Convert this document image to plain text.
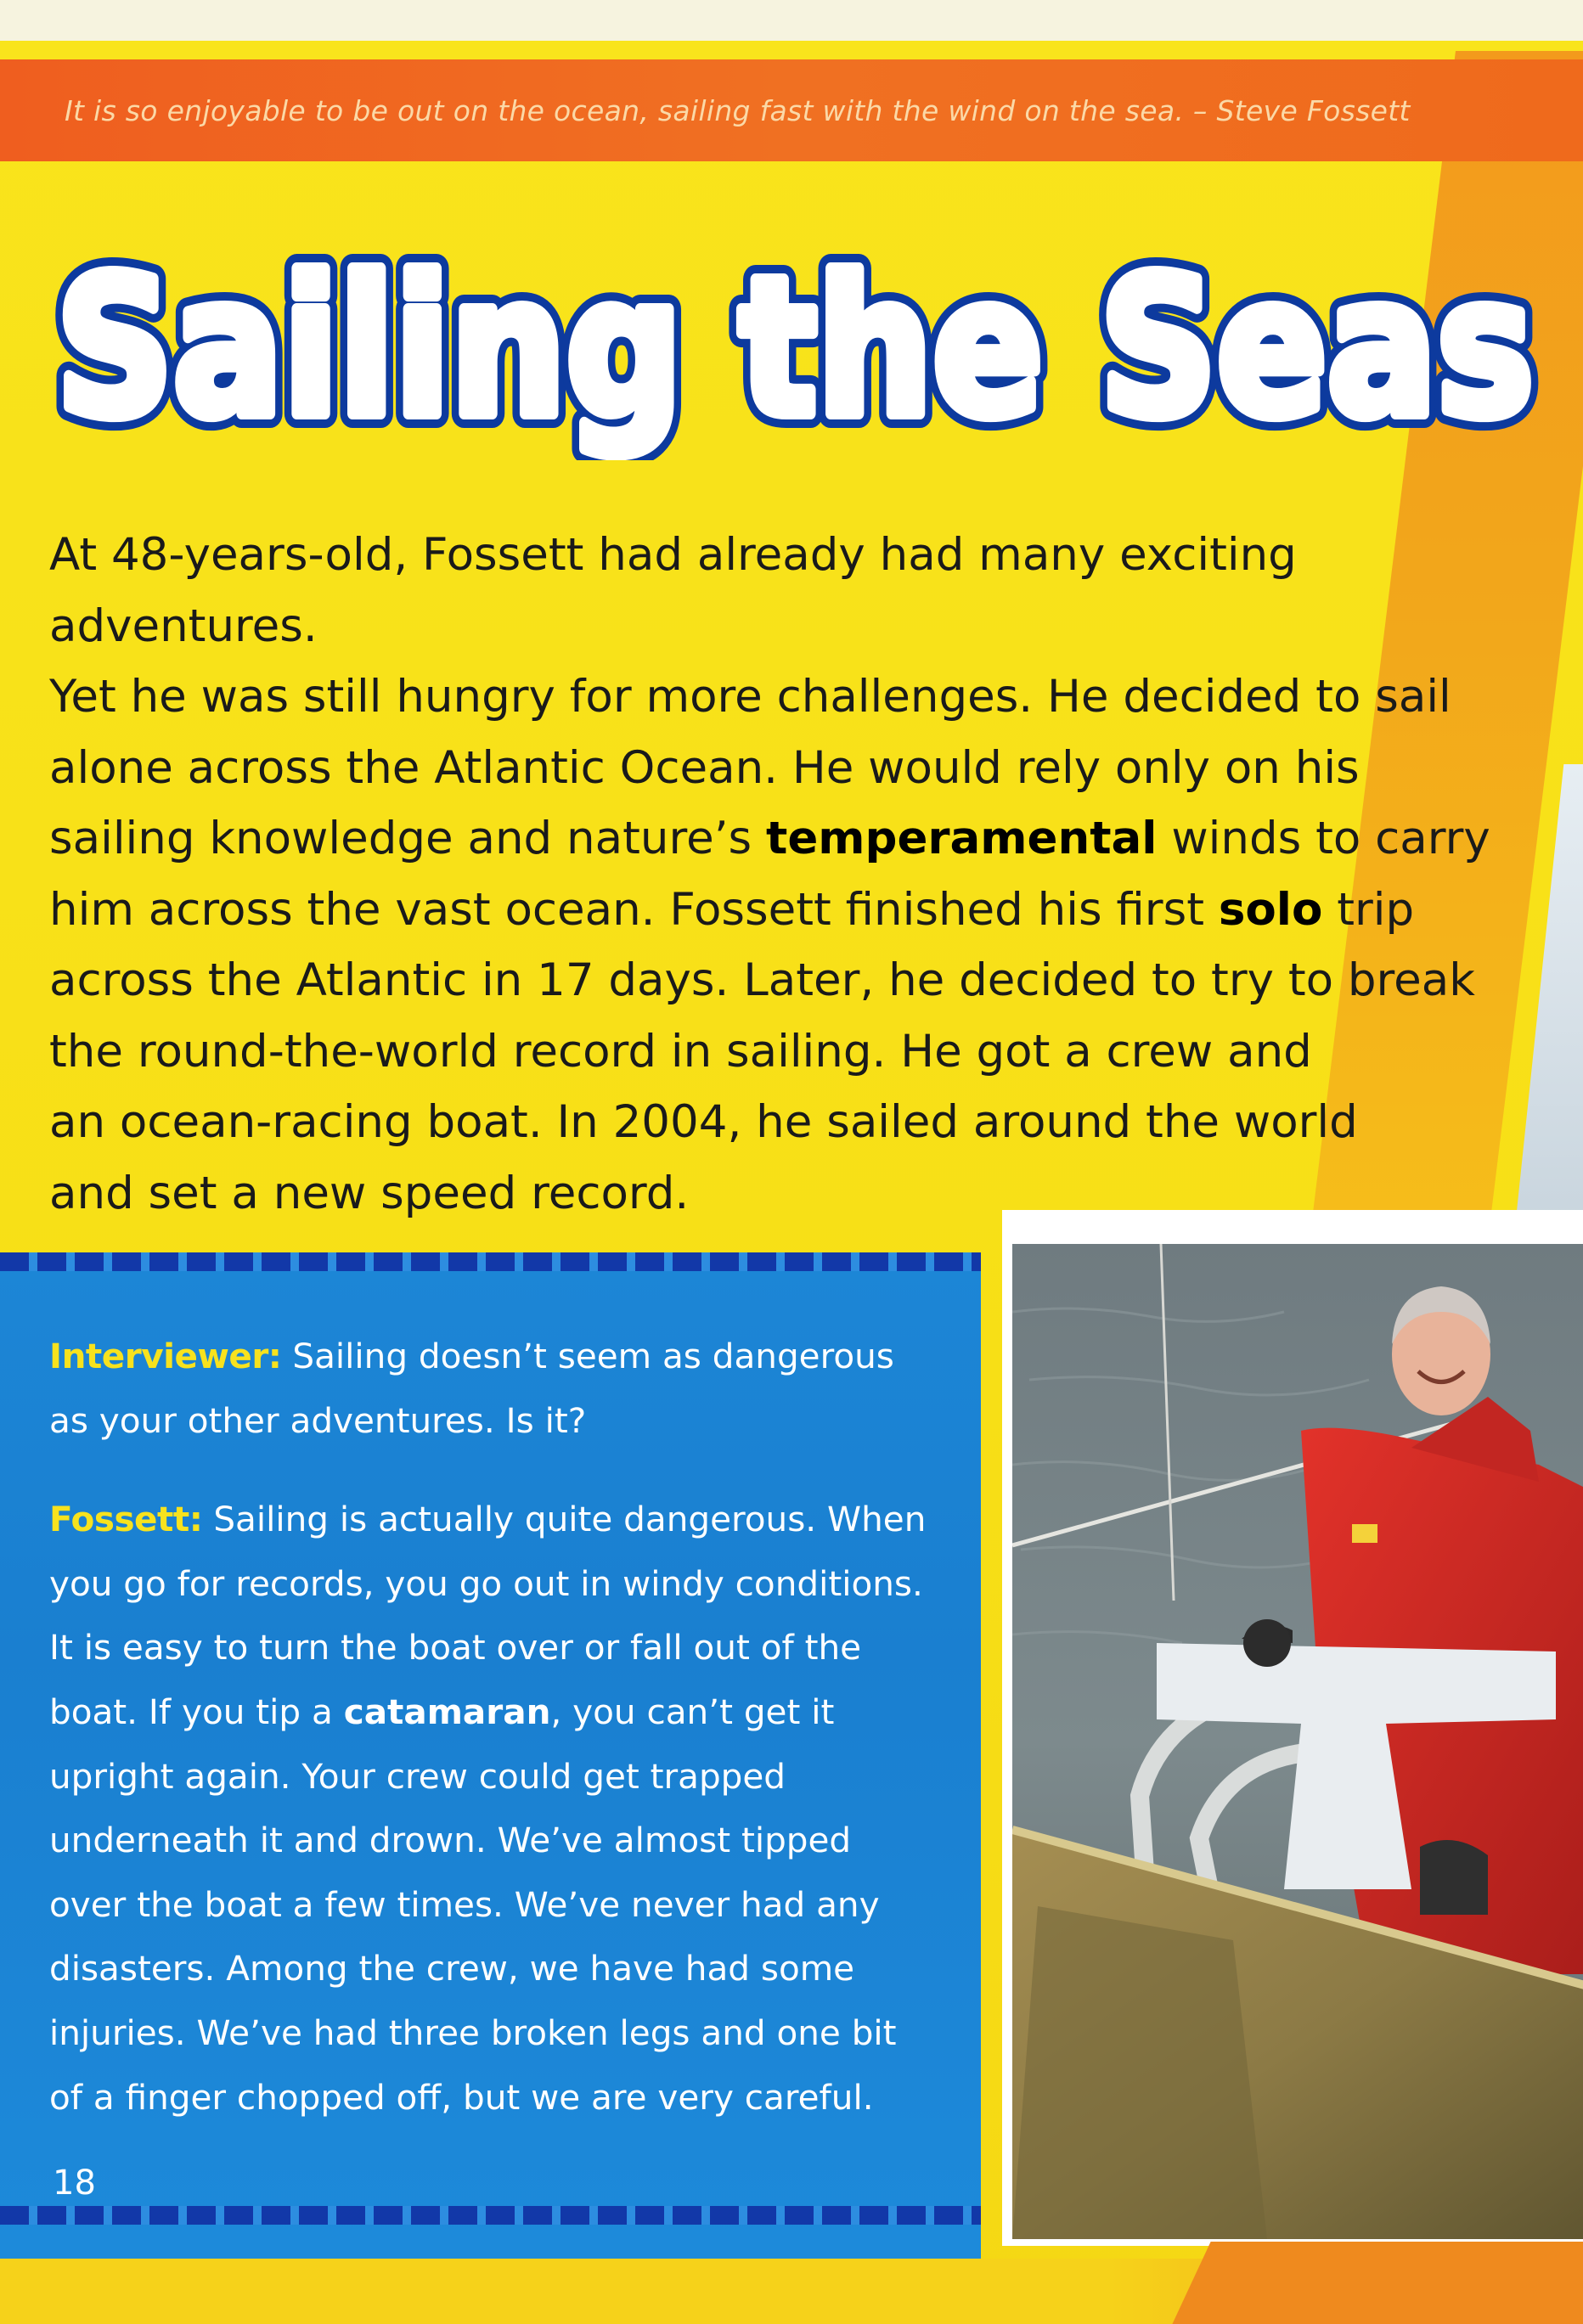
It is so enjoyable to be out on the ocean, sailing fast with the wind on the sea. – Steve Fossett
Sailing the Seas
Sailing the Seas
Sailing the Seas
At 48-years-old, Fossett had already had many exciting adventures.
Yet he was still hungry for more challenges. He decided to sail
alone across the Atlantic Ocean. He would rely only on his
sailing knowledge and nature’s temperamental winds to carry
him across the vast ocean. Fossett finished his first solo trip
across the Atlantic in 17 days. Later, he decided to try to break
the round-the-world record in sailing. He got a crew and
an ocean-racing boat. In 2004, he sailed around the world
and set a new speed record.

Interviewer: Sailing doesn’t seem as dangerous
as your other adventures. Is it?

Fossett: Sailing is actually quite dangerous. When
you go for records, you go out in windy conditions.
It is easy to turn the boat over or fall out of the
boat. If you tip a catamaran, you can’t get it
upright again. Your crew could get trapped
underneath it and drown. We’ve almost tipped
over the boat a few times. We’ve never had any
disasters. Among the crew, we have had some
injuries. We’ve had three broken legs and one bit
of a finger chopped off, but we are very careful.

18
